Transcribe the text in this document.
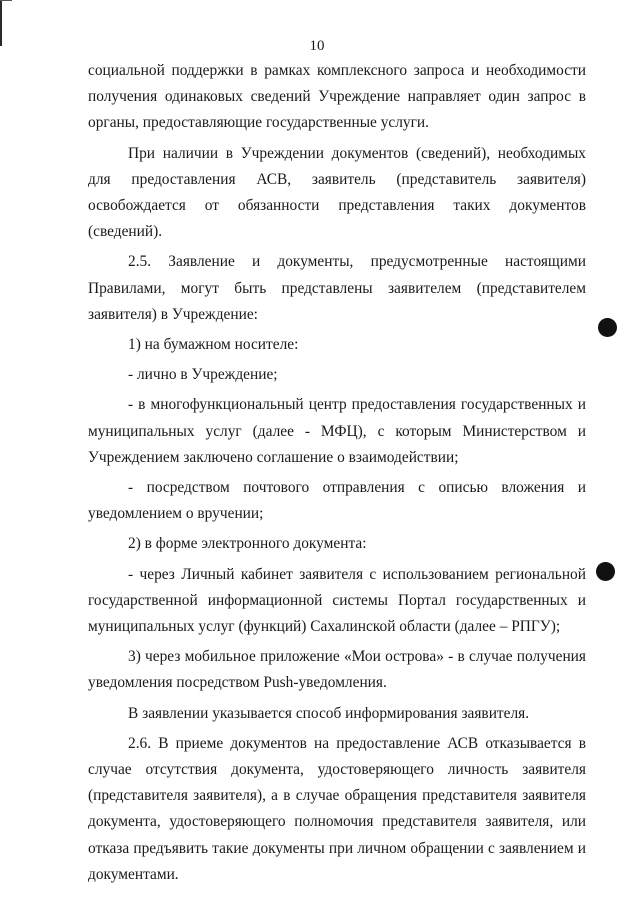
10

социальной поддержки в рамках комплексного запроса и необходимости получения одинаковых сведений Учреждение направляет один запрос в органы, предоставляющие государственные услуги.

При наличии в Учреждении документов (сведений), необходимых для предоставления АСВ, заявитель (представитель заявителя) освобождается от обязанности представления таких документов (сведений).

2.5. Заявление и документы, предусмотренные настоящими Правилами, могут быть представлены заявителем (представителем заявителя) в Учреждение:

1) на бумажном носителе:

- лично в Учреждение;

- в многофункциональный центр предоставления государственных и муниципальных услуг (далее - МФЦ), с которым Министерством и Учреждением заключено соглашение о взаимодействии;

- посредством почтового отправления с описью вложения и уведомлением о вручении;

2) в форме электронного документа:

- через Личный кабинет заявителя с использованием региональной государственной информационной системы Портал государственных и муниципальных услуг (функций) Сахалинской области (далее – РПГУ);

3) через мобильное приложение «Мои острова» - в случае получения уведомления посредством Push-уведомления.

В заявлении указывается способ информирования заявителя.

2.6. В приеме документов на предоставление АСВ отказывается в случае отсутствия документа, удостоверяющего личность заявителя (представителя заявителя), а в случае обращения представителя заявителя документа, удостоверяющего полномочия представителя заявителя, или отказа предъявить такие документы при личном обращении с заявлением и документами.
